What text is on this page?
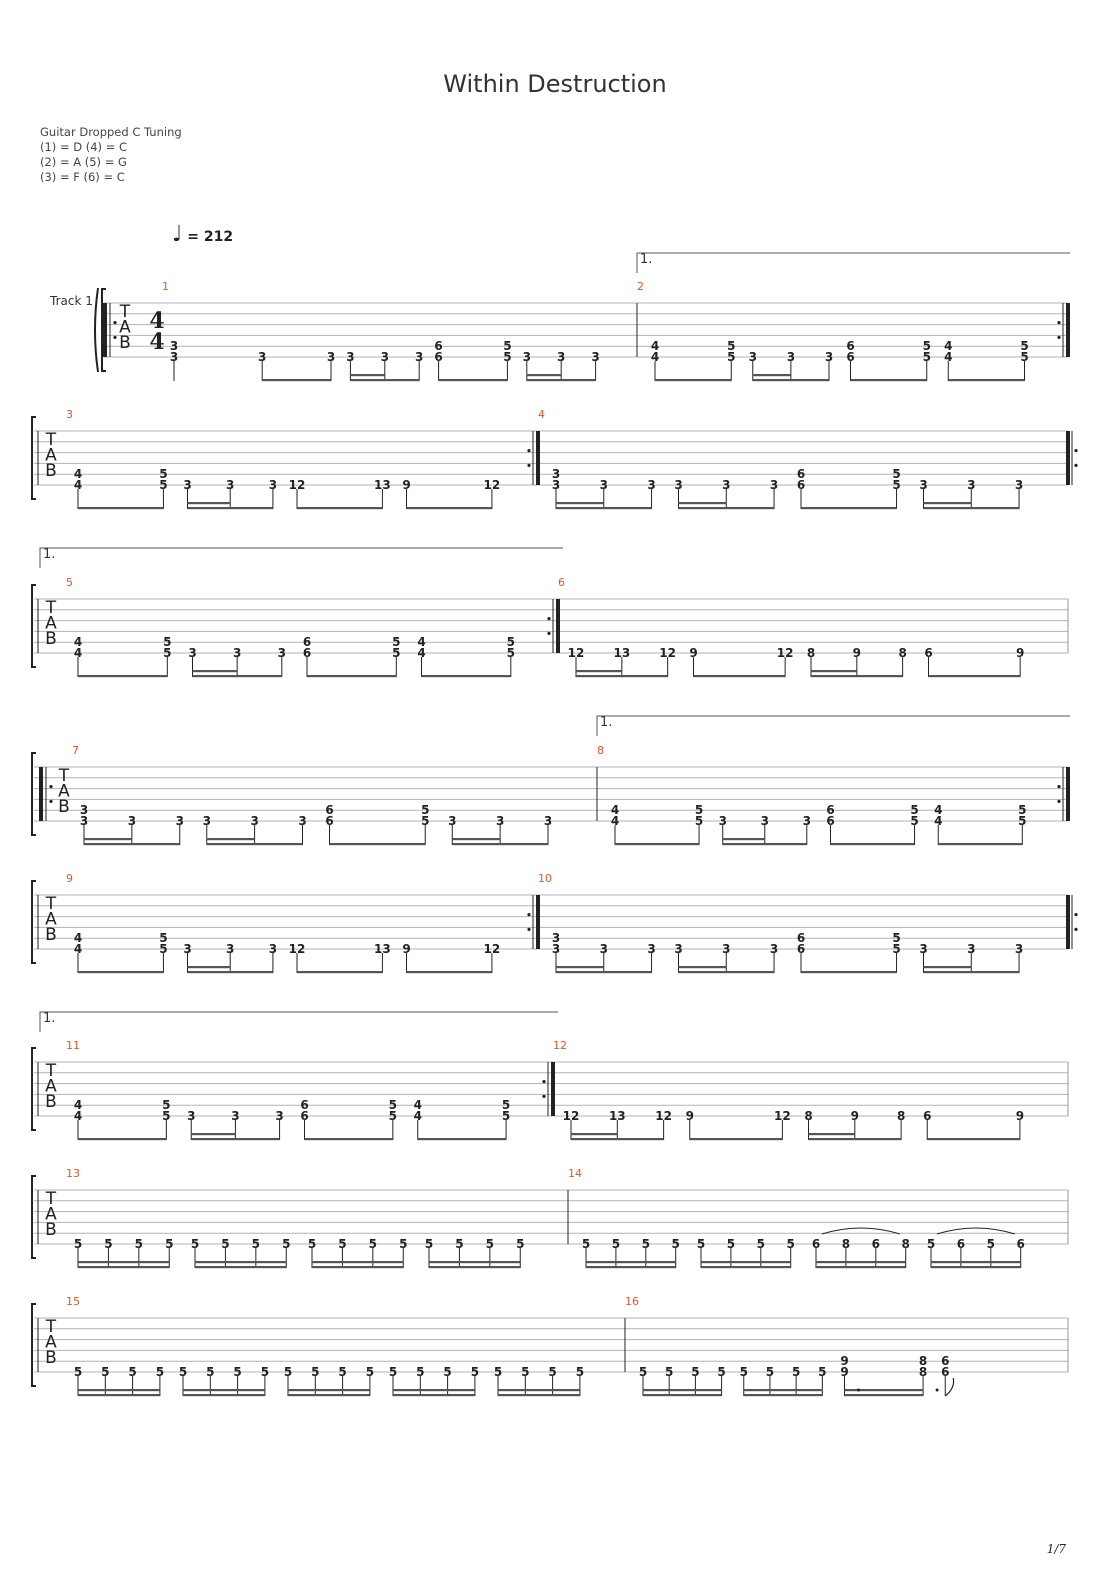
Within Destruction
Guitar Dropped C Tuning
(1) = D (4) = C
(2) = A (5) = G
(3) = F (6) = C
♩ = 212
Track 1
T
A
B
4
4
1.
1
3
3	3	3 3 3 3
6
6
5
5 3 3 3
2
4
4
5
5 3 3 3
6
6
5
5
4
4
5
5
T
A
B
3
4
4
5
5 3	3	3 12	13 9	12
4
3
3	3	3 3	3	3
6
6
5
5 3	3	3
T
A
B
1.
5
4
4
5
5 3	3	3
6
6
5
5
4
4
5
5
6
12 13 12 9	12 8	9	8 6	9
T
A
B
1.
7
3
3	3	3 3	3	3
6
6
5
5 3	3	3
8
4
4
5
5 3	3	3
6
6
5
5
4
4
5
5
T
A
B
9
4
4
5
5 3	3	3 12	13 9	12
10
3
3	3	3 3	3	3
6
6
5
5 3	3	3
T
A
B
1.
11
4
4
5
5 3	3	3
6
6
5
5
4
4
5
5
12
12 13 12 9	12 8	9	8 6	9
T
A
B
13
5 5 5 5 5 5 5 5 5 5 5 5 5 5 5 5
14
5 5 5 5 5 5 5 5 6 8 6 8 5 6 5 6
T
A
B
15
5 5 5 5 5 5 5 5 5 5 5 5 5 5 5 5 5 5 5 5
16
5 5 5 5 5 5 5 5
9
9
8
8
6
6
1/7
